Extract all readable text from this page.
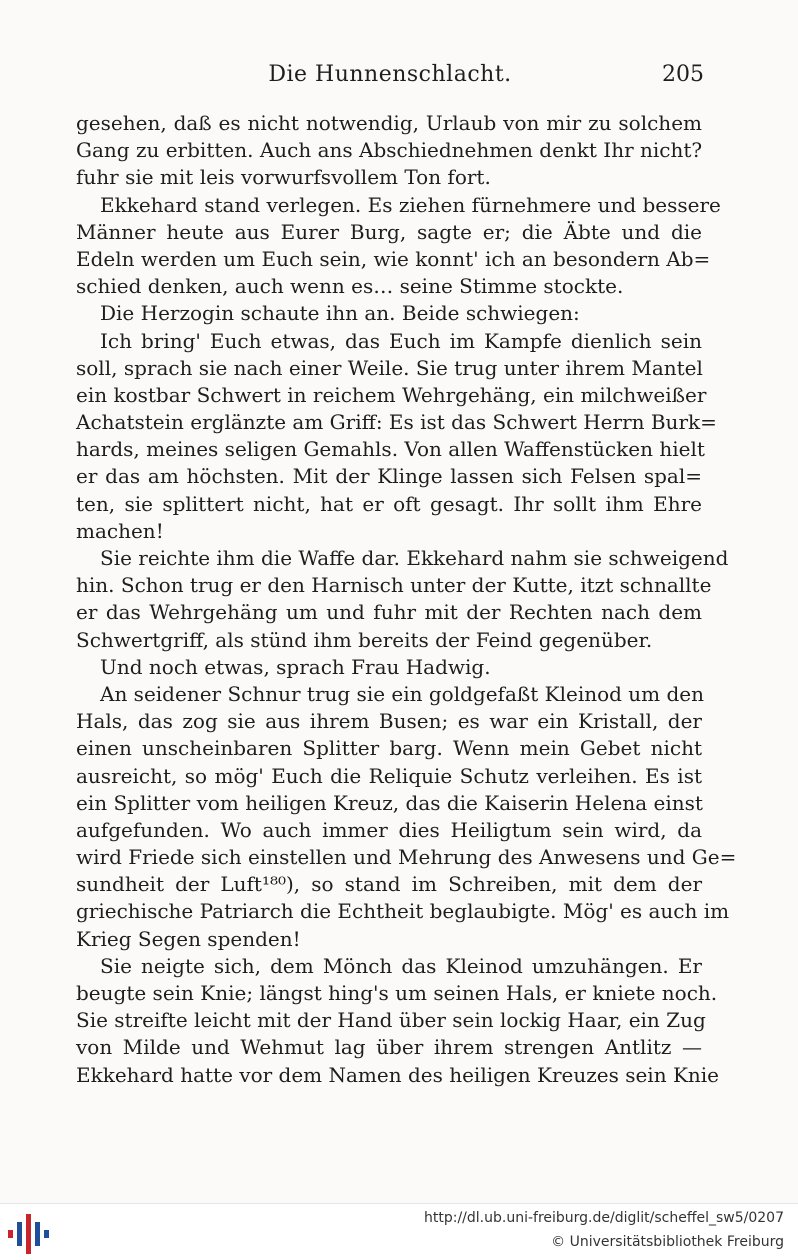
Die Hunnenschlacht.	205
gesehen, daß es nicht notwendig, Urlaub von mir zu solchem
Gang zu erbitten. Auch ans Abschiednehmen denkt Ihr nicht?
fuhr sie mit leis vorwurfsvollem Ton fort.
Ekkehard stand verlegen. Es ziehen fürnehmere und bessere
Männer heute aus Eurer Burg, sagte er; die Äbte und die
Edeln werden um Euch sein, wie konnt' ich an besondern Ab=
schied denken, auch wenn es… seine Stimme stockte.
Die Herzogin schaute ihn an. Beide schwiegen:
Ich bring' Euch etwas, das Euch im Kampfe dienlich sein
soll, sprach sie nach einer Weile. Sie trug unter ihrem Mantel
ein kostbar Schwert in reichem Wehrgehäng, ein milchweißer
Achatstein erglänzte am Griff: Es ist das Schwert Herrn Burk=
hards, meines seligen Gemahls. Von allen Waffenstücken hielt
er das am höchsten. Mit der Klinge lassen sich Felsen spal=
ten, sie splittert nicht, hat er oft gesagt. Ihr sollt ihm Ehre
machen!
Sie reichte ihm die Waffe dar. Ekkehard nahm sie schweigend
hin. Schon trug er den Harnisch unter der Kutte, itzt schnallte
er das Wehrgehäng um und fuhr mit der Rechten nach dem
Schwertgriff, als stünd ihm bereits der Feind gegenüber.
Und noch etwas, sprach Frau Hadwig.
An seidener Schnur trug sie ein goldgefaßt Kleinod um den
Hals, das zog sie aus ihrem Busen; es war ein Kristall, der
einen unscheinbaren Splitter barg. Wenn mein Gebet nicht
ausreicht, so mög' Euch die Reliquie Schutz verleihen. Es ist
ein Splitter vom heiligen Kreuz, das die Kaiserin Helena einst
aufgefunden. Wo auch immer dies Heiligtum sein wird, da
wird Friede sich einstellen und Mehrung des Anwesens und Ge=
sundheit der Luft¹⁸⁰), so stand im Schreiben, mit dem der
griechische Patriarch die Echtheit beglaubigte. Mög' es auch im
Krieg Segen spenden!
Sie neigte sich, dem Mönch das Kleinod umzuhängen. Er
beugte sein Knie; längst hing's um seinen Hals, er kniete noch.
Sie streifte leicht mit der Hand über sein lockig Haar, ein Zug
von Milde und Wehmut lag über ihrem strengen Antlitz —
Ekkehard hatte vor dem Namen des heiligen Kreuzes sein Knie
http://dl.ub.uni-freiburg.de/diglit/scheffel_sw5/0207
© Universitätsbibliothek Freiburg
